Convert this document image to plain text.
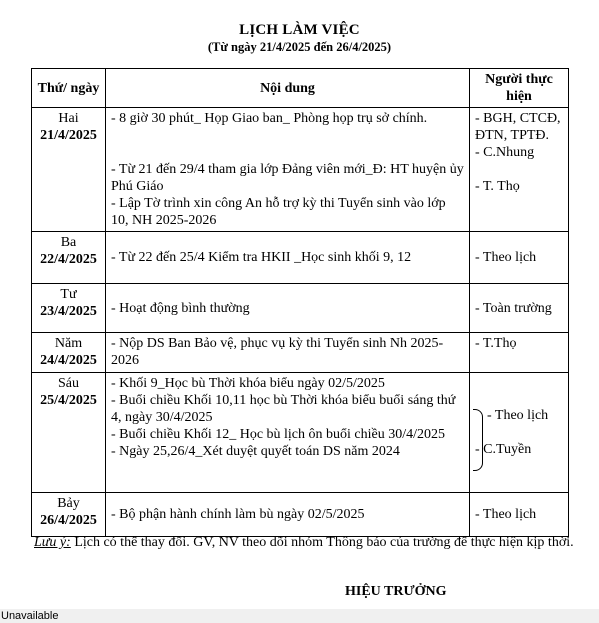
LỊCH LÀM VIỆC
(Từ ngày 21/4/2025 đến 26/4/2025)
Thứ/ ngày	Nội dung	Người thực hiện

Hai
21/4/2025	- 8 giờ 30 phút_ Họp Giao ban_ Phòng họp trụ sở chính.
- Từ 21 đến 29/4 tham gia lớp Đảng viên mới_Đ: HT huyện ủy Phú Giáo
- Lập Tờ trình xin công An hỗ trợ kỳ thi Tuyển sinh vào lớp 10, NH 2025-2026	- BGH, CTCĐ, ĐTN, TPTĐ.
- C.Nhung
- T. Thọ

Ba
22/4/2025	- Từ 22 đến 25/4 Kiểm tra HKII _Học sinh khối 9, 12	- Theo lịch

Tư
23/4/2025	- Hoạt động bình thường	- Toàn trường

Năm
24/4/2025	- Nộp DS Ban Bảo vệ, phục vụ kỳ thi Tuyển sinh Nh 2025-2026	- T.Thọ

Sáu
25/4/2025	- Khối 9_Học bù Thời khóa biểu ngày 02/5/2025
- Buổi chiều Khối 10,11 học bù Thời khóa biểu buổi sáng thứ 4, ngày 30/4/2025
- Buổi chiều Khối 12_ Học bù lịch ôn buổi chiều 30/4/2025
- Ngày 25,26/4_Xét duyệt quyết toán DS năm 2024	- Theo lịch
- C.Tuyền

Bảy
26/4/2025	- Bộ phận hành chính làm bù ngày 02/5/2025	- Theo lịch
Lưu ý: Lịch có thể thay đổi. GV, NV theo dõi nhóm Thông báo của trường để thực hiện kịp thời.
HIỆU TRƯỞNG
Unavailable
